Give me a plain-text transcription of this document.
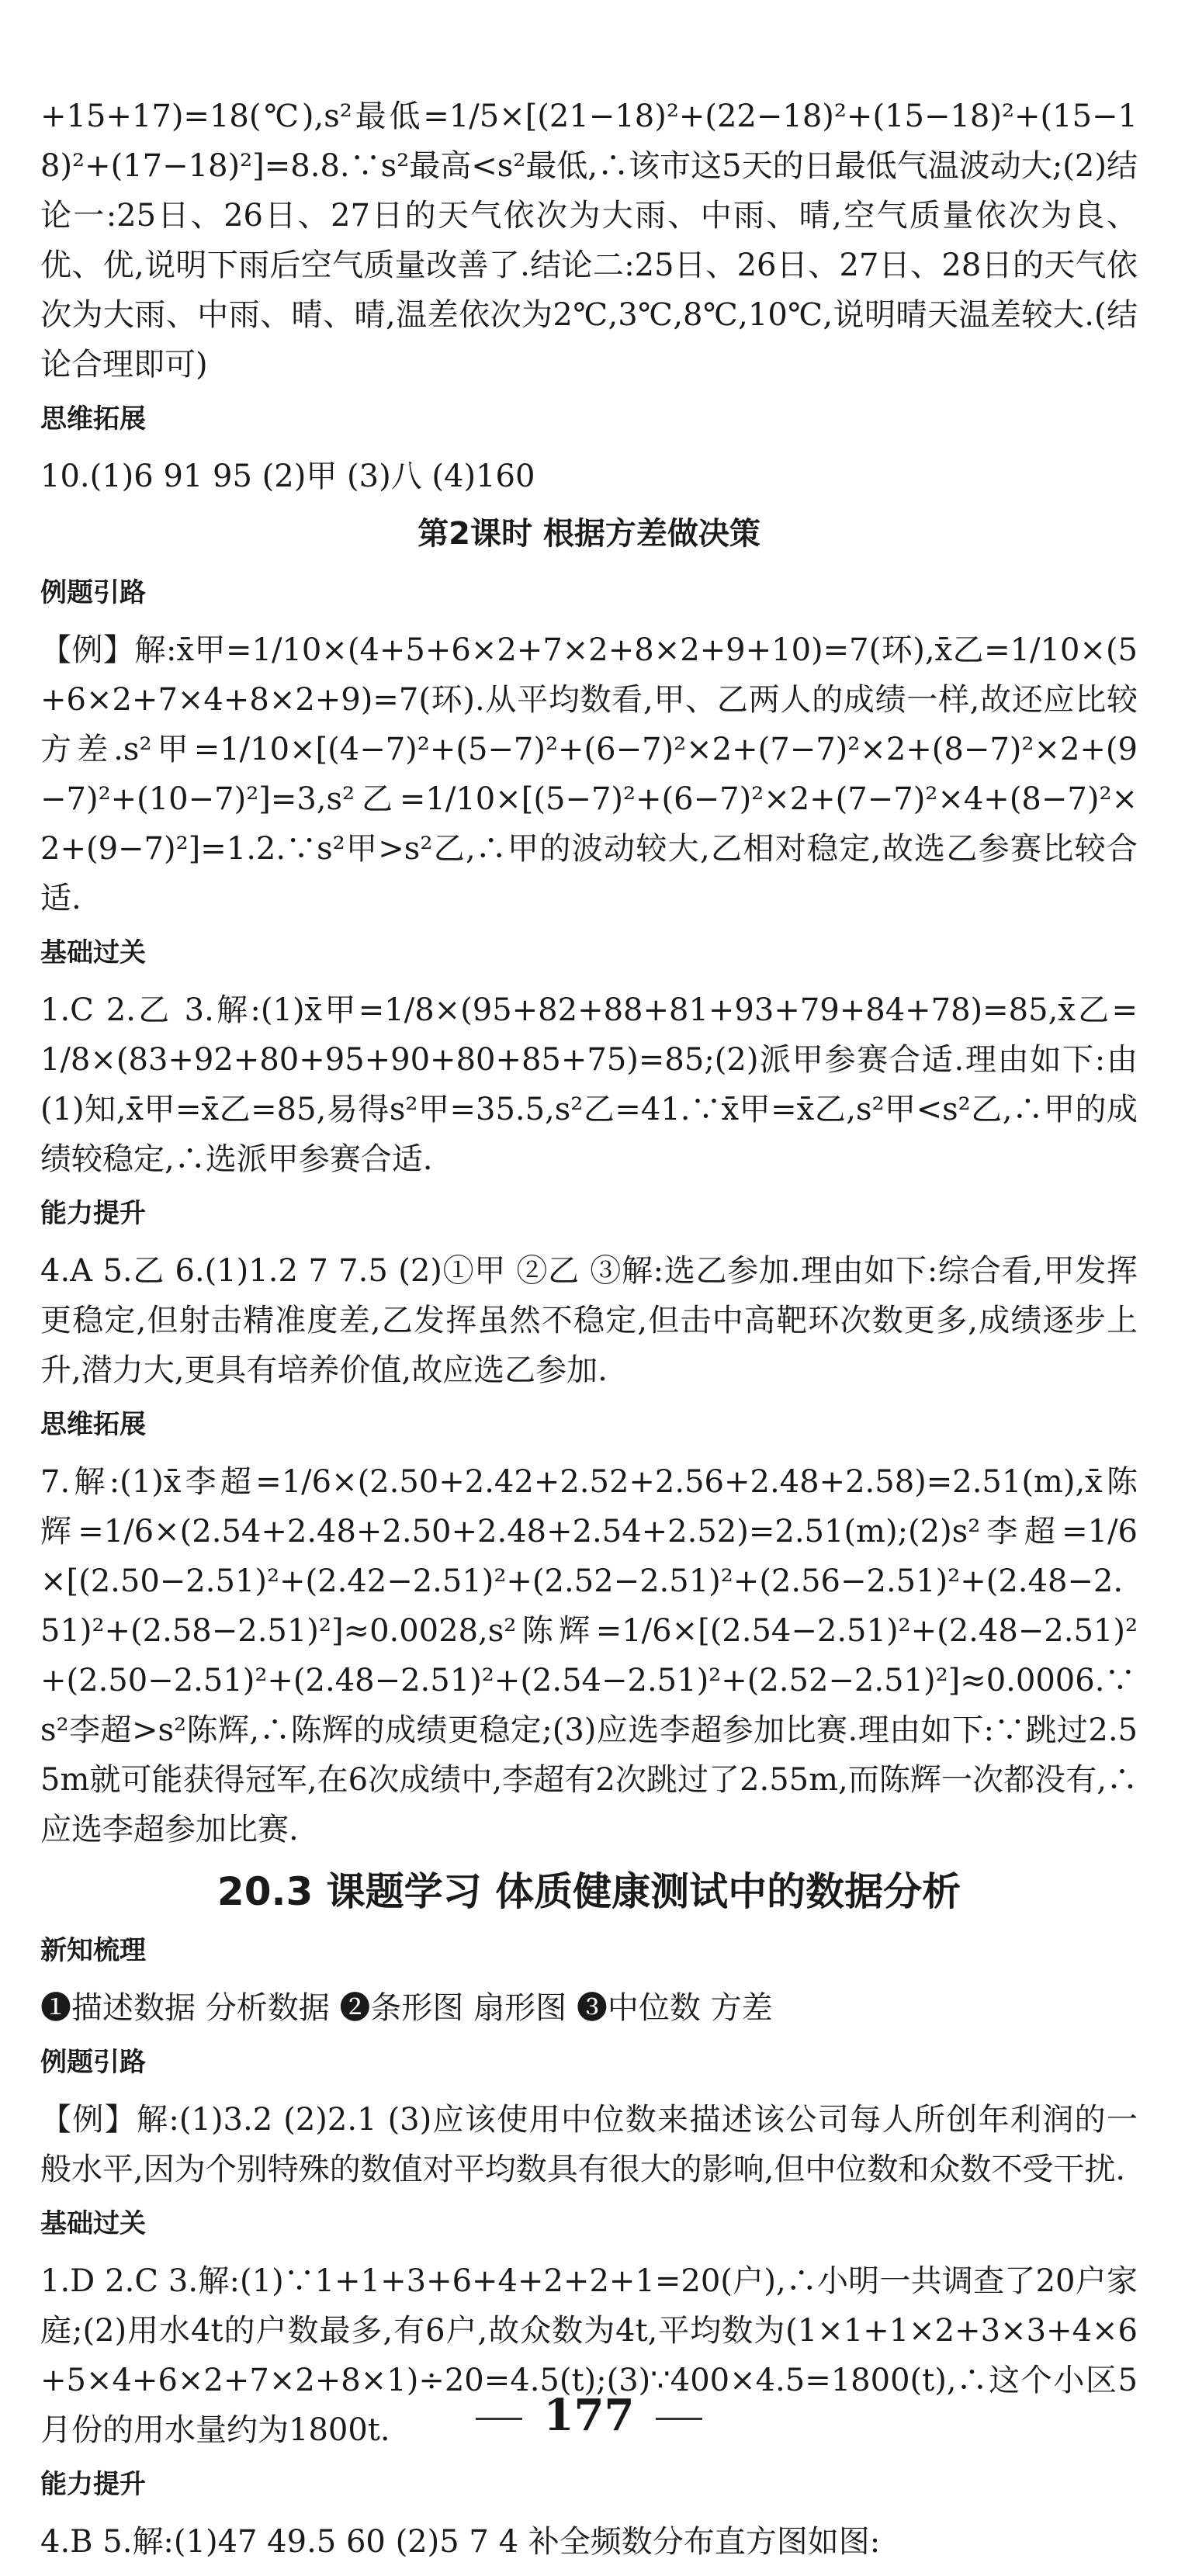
+15+17)=18(℃),s²最低=1/5×[(21−18)²+(22−18)²+(15−18)²+(15−18)²+(17−18)²]=8.8.∵s²最高<s²最低,∴该市这5天的日最低气温波动大;(2)结论一:25日、26日、27日的天气依次为大雨、中雨、晴,空气质量依次为良、优、优,说明下雨后空气质量改善了.结论二:25日、26日、27日、28日的天气依次为大雨、中雨、晴、晴,温差依次为2℃,3℃,8℃,10℃,说明晴天温差较大.(结论合理即可)
思维拓展
10.(1)6 91 95 (2)甲 (3)八 (4)160
第2课时 根据方差做决策
例题引路
【例】解:x̄甲=1/10×(4+5+6×2+7×2+8×2+9+10)=7(环),x̄乙=1/10×(5+6×2+7×4+8×2+9)=7(环).从平均数看,甲、乙两人的成绩一样,故还应比较方差.s²甲=1/10×[(4−7)²+(5−7)²+(6−7)²×2+(7−7)²×2+(8−7)²×2+(9−7)²+(10−7)²]=3,s²乙=1/10×[(5−7)²+(6−7)²×2+(7−7)²×4+(8−7)²×2+(9−7)²]=1.2.∵s²甲>s²乙,∴甲的波动较大,乙相对稳定,故选乙参赛比较合适.
基础过关
1.C 2.乙 3.解:(1)x̄甲=1/8×(95+82+88+81+93+79+84+78)=85,x̄乙=1/8×(83+92+80+95+90+80+85+75)=85;(2)派甲参赛合适.理由如下:由(1)知,x̄甲=x̄乙=85,易得s²甲=35.5,s²乙=41.∵x̄甲=x̄乙,s²甲<s²乙,∴甲的成绩较稳定,∴选派甲参赛合适.
能力提升
4.A 5.乙 6.(1)1.2 7 7.5 (2)①甲 ②乙 ③解:选乙参加.理由如下:综合看,甲发挥更稳定,但射击精准度差,乙发挥虽然不稳定,但击中高靶环次数更多,成绩逐步上升,潜力大,更具有培养价值,故应选乙参加.
思维拓展
7.解:(1)x̄李超=1/6×(2.50+2.42+2.52+2.56+2.48+2.58)=2.51(m),x̄陈辉=1/6×(2.54+2.48+2.50+2.48+2.54+2.52)=2.51(m);(2)s²李超=1/6×[(2.50−2.51)²+(2.42−2.51)²+(2.52−2.51)²+(2.56−2.51)²+(2.48−2.51)²+(2.58−2.51)²]≈0.0028,s²陈辉=1/6×[(2.54−2.51)²+(2.48−2.51)²+(2.50−2.51)²+(2.48−2.51)²+(2.54−2.51)²+(2.52−2.51)²]≈0.0006.∵s²李超>s²陈辉,∴陈辉的成绩更稳定;(3)应选李超参加比赛.理由如下:∵跳过2.55m就可能获得冠军,在6次成绩中,李超有2次跳过了2.55m,而陈辉一次都没有,∴应选李超参加比赛.
20.3 课题学习 体质健康测试中的数据分析
新知梳理
❶描述数据 分析数据 ❷条形图 扇形图 ❸中位数 方差
例题引路
【例】解:(1)3.2 (2)2.1 (3)应该使用中位数来描述该公司每人所创年利润的一般水平,因为个别特殊的数值对平均数具有很大的影响,但中位数和众数不受干扰.
基础过关
1.D 2.C 3.解:(1)∵1+1+3+6+4+2+2+1=20(户),∴小明一共调查了20户家庭;(2)用水4t的户数最多,有6户,故众数为4t,平均数为(1×1+1×2+3×3+4×6+5×4+6×2+7×2+8×1)÷20=4.5(t);(3)∵400×4.5=1800(t),∴这个小区5月份的用水量约为1800t.
能力提升
4.B 5.解:(1)47 49.5 60 (2)5 7 4 补全频数分布直方图如图:
177
